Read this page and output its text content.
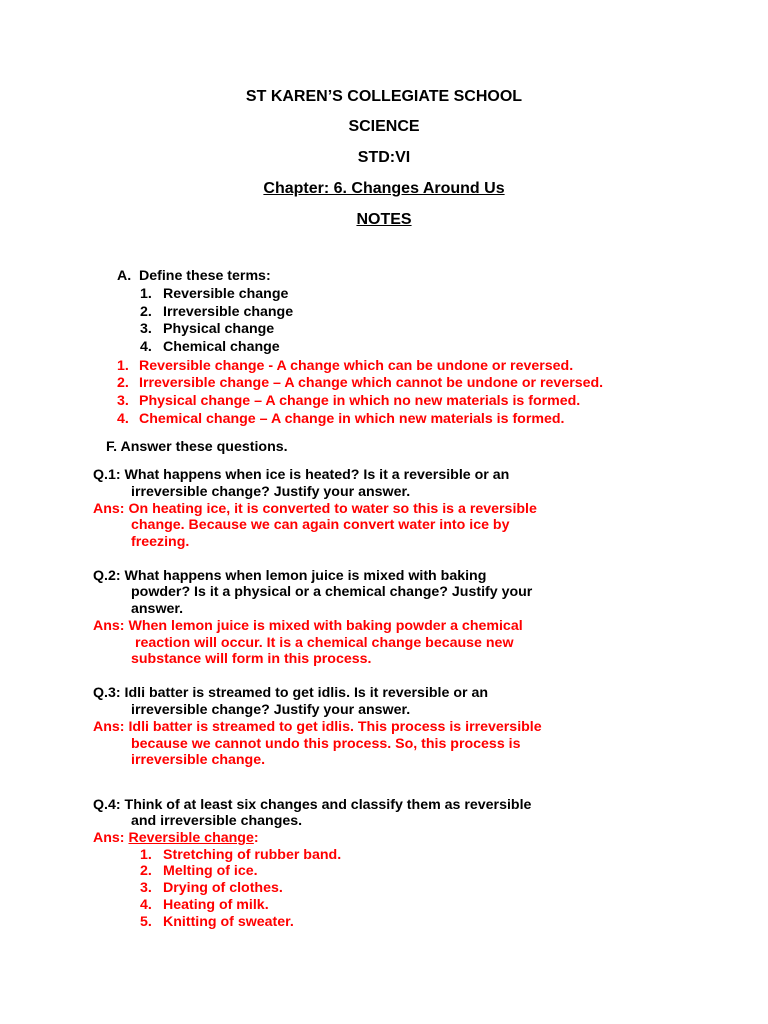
ST KAREN’S COLLEGIATE SCHOOL
SCIENCE
STD:VI
Chapter: 6. Changes Around Us
NOTES
A. Define these terms:
1. Reversible change
2. Irreversible change
3. Physical change
4. Chemical change
1. Reversible change - A change which can be undone or reversed.
2. Irreversible change – A change which cannot be undone or reversed.
3. Physical change – A change in which no new materials is formed.
4. Chemical change – A change in which new materials is formed.
F. Answer these questions.
Q.1: What happens when ice is heated? Is it a reversible or an
irreversible change? Justify your answer.
Ans: On heating ice, it is converted to water so this is a reversible
change. Because we can again convert water into ice by
freezing.
Q.2: What happens when lemon juice is mixed with baking
powder? Is it a physical or a chemical change? Justify your
answer.
Ans: When lemon juice is mixed with baking powder a chemical
reaction will occur. It is a chemical change because new
substance will form in this process.
Q.3: Idli batter is streamed to get idlis. Is it reversible or an
irreversible change? Justify your answer.
Ans: Idli batter is streamed to get idlis. This process is irreversible
because we cannot undo this process. So, this process is
irreversible change.
Q.4: Think of at least six changes and classify them as reversible
and irreversible changes.
Ans: Reversible change:
1. Stretching of rubber band.
2. Melting of ice.
3. Drying of clothes.
4. Heating of milk.
5. Knitting of sweater.
